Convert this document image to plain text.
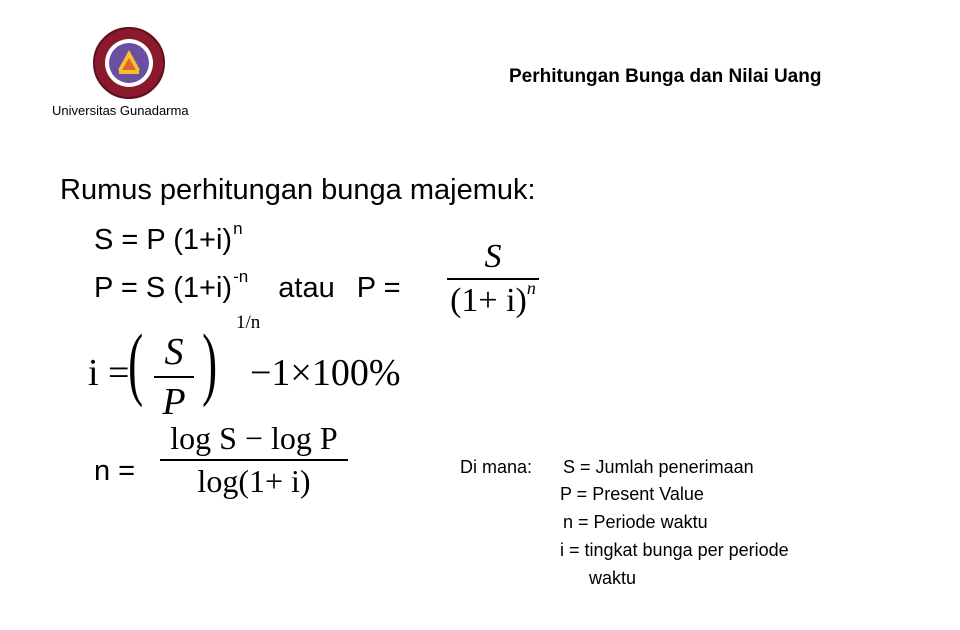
Universitas Gunadarma
Perhitungan Bunga dan Nilai Uang
Rumus perhitungan bunga majemuk:
S = P $(1+i)^n$
P = S $(1+i)^{-n}$ atau P =
S
$(1+ i)^n$
i =
( S
P ) 1/n
−1×100%
n =
log S − log P
log(1+ i)	Di mana: S = Jumlah penerimaan
P = Present Value
n = Periode waktu
i = tingkat bunga per periode
waktu
